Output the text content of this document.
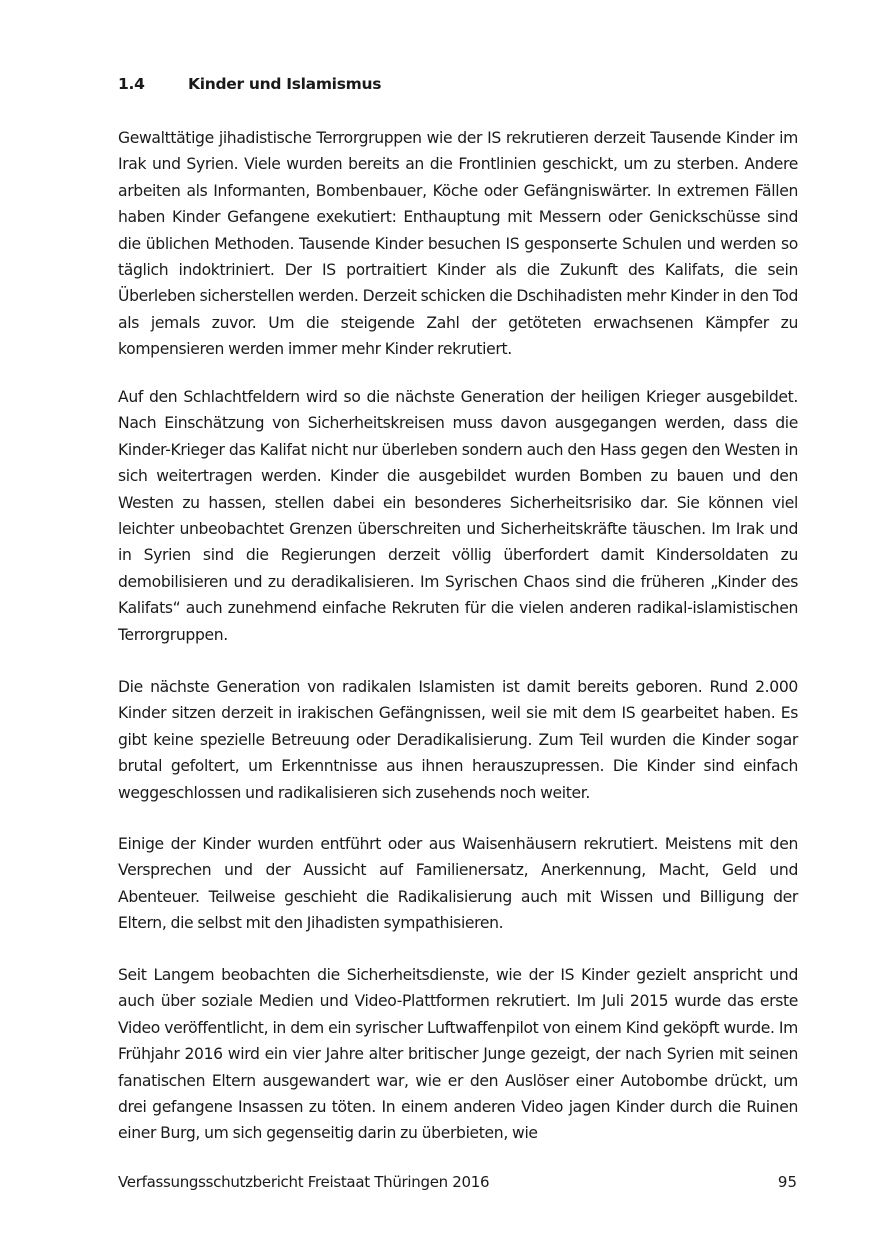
1.4	Kinder und Islamismus

Gewalttätige jihadistische Terrorgruppen wie der IS rekrutieren derzeit Tausende Kinder im Irak und Syrien. Viele wurden bereits an die Frontlinien geschickt, um zu sterben. Andere arbeiten als Informanten, Bombenbauer, Köche oder Gefängniswärter. In extremen Fällen haben Kinder Gefangene exekutiert: Enthauptung mit Messern oder Genickschüsse sind die üblichen Methoden. Tausende Kinder besuchen IS gesponserte Schulen und werden so täglich indoktriniert. Der IS portraitiert Kinder als die Zukunft des Kalifats, die sein Überleben sicherstellen werden. Derzeit schicken die Dschihadisten mehr Kinder in den Tod als jemals zuvor. Um die steigende Zahl der getöteten erwachsenen Kämpfer zu kompensieren werden immer mehr Kinder rekrutiert.

Auf den Schlachtfeldern wird so die nächste Generation der heiligen Krieger ausgebildet. Nach Einschätzung von Sicherheitskreisen muss davon ausgegangen werden, dass die Kinder-Krieger das Kalifat nicht nur überleben sondern auch den Hass gegen den Westen in sich weitertragen werden. Kinder die ausgebildet wurden Bomben zu bauen und den Westen zu hassen, stellen dabei ein besonderes Sicherheitsrisiko dar. Sie können viel leichter unbeobachtet Grenzen überschreiten und Sicherheitskräfte täuschen. Im Irak und in Syrien sind die Regierungen derzeit völlig überfordert damit Kindersoldaten zu demobilisieren und zu deradikalisieren. Im Syrischen Chaos sind die früheren „Kinder des Kalifats“ auch zunehmend einfache Rekruten für die vielen anderen radikal-islamistischen Terrorgruppen.

Die nächste Generation von radikalen Islamisten ist damit bereits geboren. Rund 2.000 Kinder sitzen derzeit in irakischen Gefängnissen, weil sie mit dem IS gearbeitet haben. Es gibt keine spezielle Betreuung oder Deradikalisierung. Zum Teil wurden die Kinder sogar brutal gefoltert, um Erkenntnisse aus ihnen herauszupressen. Die Kinder sind einfach weggeschlossen und radikalisieren sich zusehends noch weiter.

Einige der Kinder wurden entführt oder aus Waisenhäusern rekrutiert. Meistens mit den Versprechen und der Aussicht auf Familienersatz, Anerkennung, Macht, Geld und Abenteuer. Teilweise geschieht die Radikalisierung auch mit Wissen und Billigung der Eltern, die selbst mit den Jihadisten sympathisieren.

Seit Langem beobachten die Sicherheitsdienste, wie der IS Kinder gezielt anspricht und auch über soziale Medien und Video-Plattformen rekrutiert. Im Juli 2015 wurde das erste Video veröffentlicht, in dem ein syrischer Luftwaffenpilot von einem Kind geköpft wurde. Im Frühjahr 2016 wird ein vier Jahre alter britischer Junge gezeigt, der nach Syrien mit seinen fanatischen Eltern ausgewandert war, wie er den Auslöser einer Autobombe drückt, um drei gefangene Insassen zu töten. In einem anderen Video jagen Kinder durch die Ruinen einer Burg, um sich gegenseitig darin zu überbieten, wie

Verfassungsschutzbericht Freistaat Thüringen 2016	95
